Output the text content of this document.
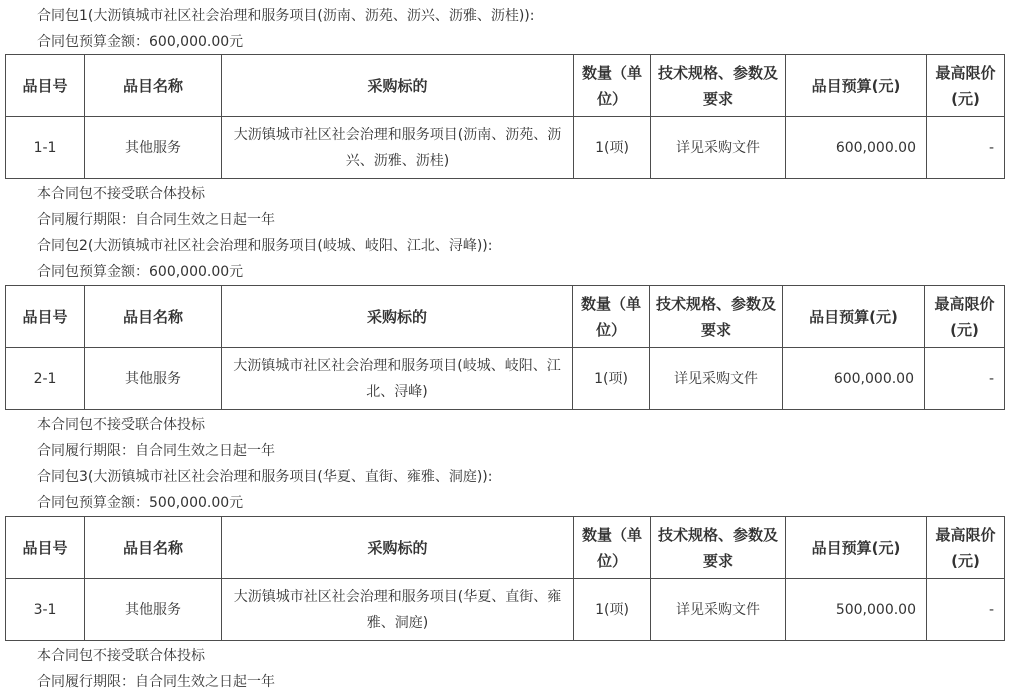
合同包1(大沥镇城市社区社会治理和服务项目(沥南、沥苑、沥兴、沥雅、沥桂)):
合同包预算金额：600,000.00元
品目号	品目名称	采购标的	数量（单位）	技术规格、参数及要求	品目预算(元)	最高限价(元)
1-1	其他服务	大沥镇城市社区社会治理和服务项目(沥南、沥苑、沥兴、沥雅、沥桂)	1(项)	详见采购文件	600,000.00	-
本合同包不接受联合体投标
合同履行期限：自合同生效之日起一年
合同包2(大沥镇城市社区社会治理和服务项目(岐城、岐阳、江北、浔峰)):
合同包预算金额：600,000.00元
品目号	品目名称	采购标的	数量（单位）	技术规格、参数及要求	品目预算(元)	最高限价(元)
2-1	其他服务	大沥镇城市社区社会治理和服务项目(岐城、岐阳、江北、浔峰)	1(项)	详见采购文件	600,000.00	-
本合同包不接受联合体投标
合同履行期限：自合同生效之日起一年
合同包3(大沥镇城市社区社会治理和服务项目(华夏、直街、雍雅、洞庭)):
合同包预算金额：500,000.00元
品目号	品目名称	采购标的	数量（单位）	技术规格、参数及要求	品目预算(元)	最高限价(元)
3-1	其他服务	大沥镇城市社区社会治理和服务项目(华夏、直街、雍雅、洞庭)	1(项)	详见采购文件	500,000.00	-
本合同包不接受联合体投标
合同履行期限：自合同生效之日起一年
